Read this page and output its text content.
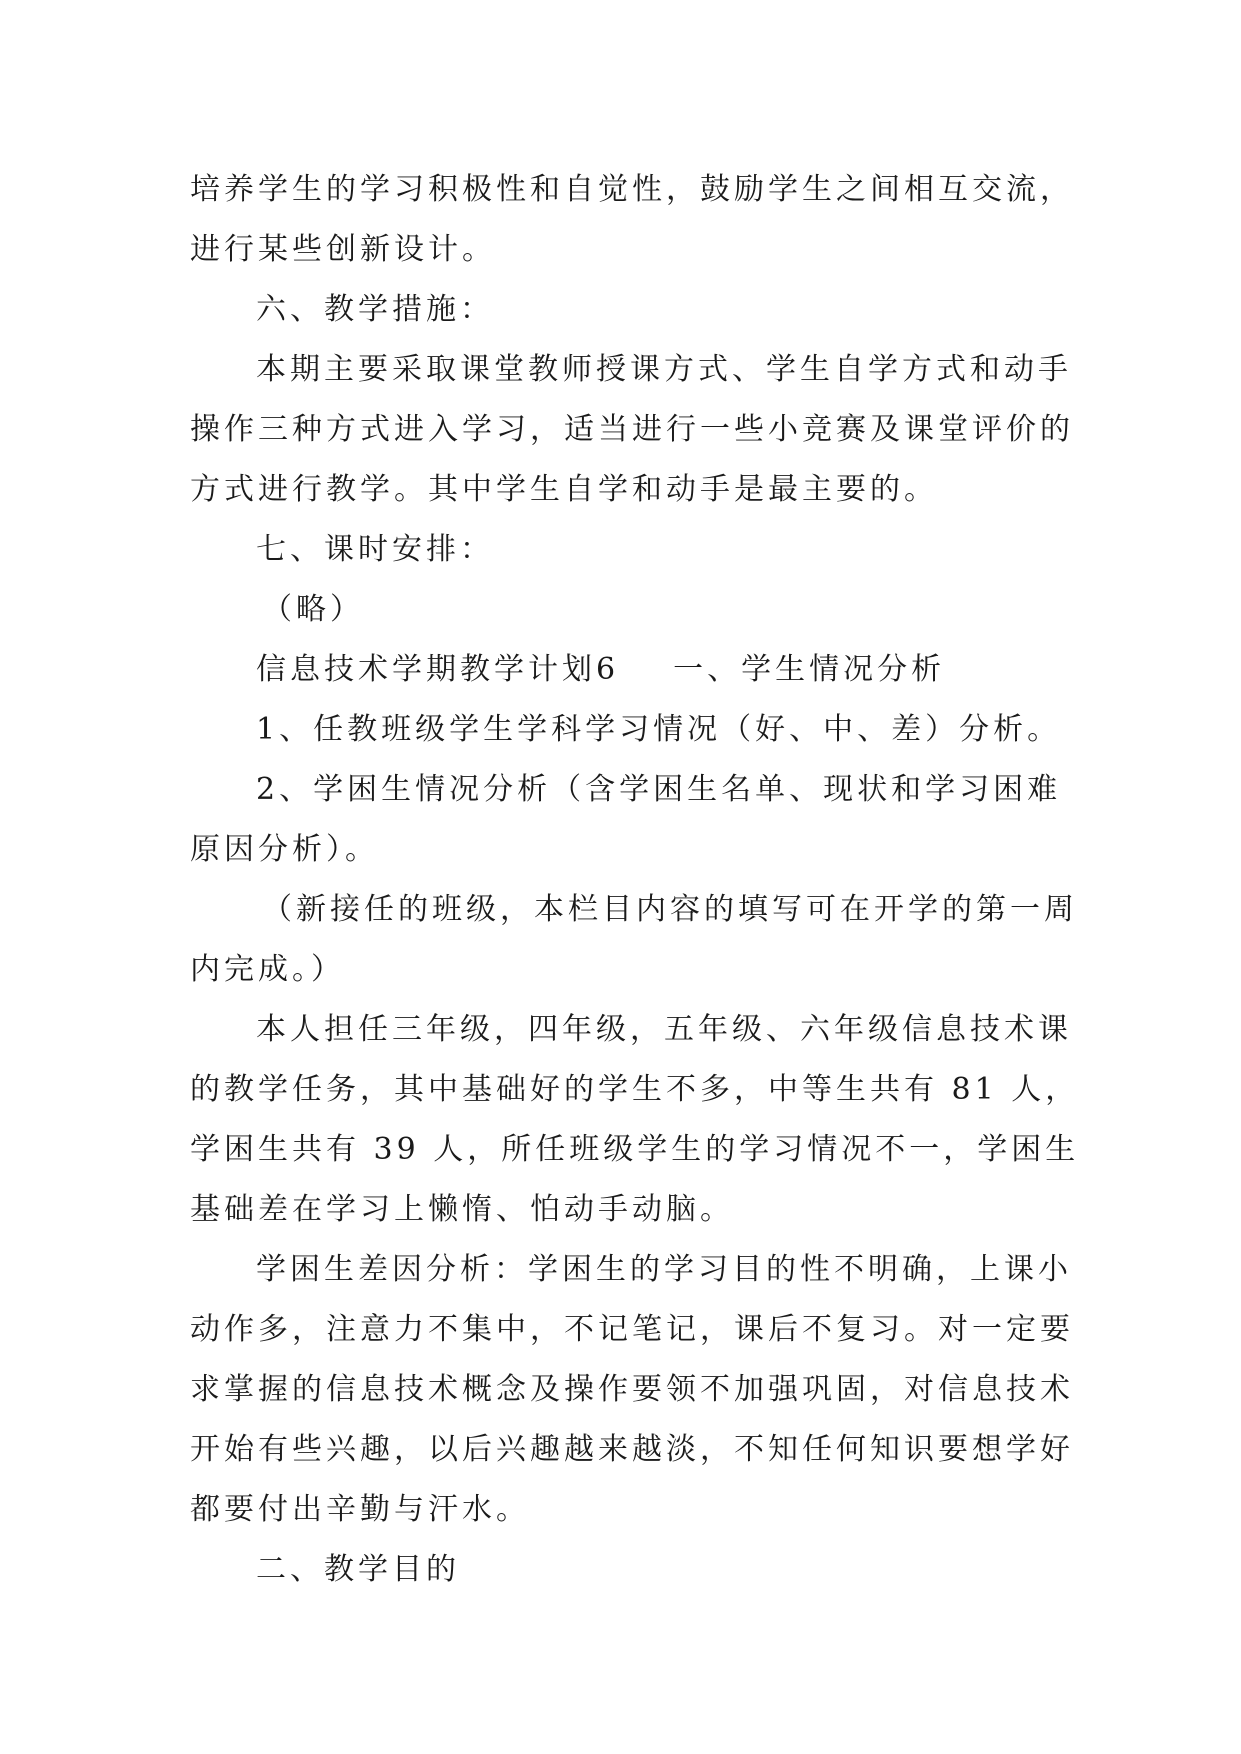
培养学生的学习积极性和自觉性，鼓励学生之间相互交流，
进行某些创新设计。
六、教学措施：
本期主要采取课堂教师授课方式、学生自学方式和动手
操作三种方式进入学习，适当进行一些小竞赛及课堂评价的
方式进行教学。其中学生自学和动手是最主要的。
七、课时安排：
（略）
信息技术学期教学计划6 一、学生情况分析
1、任教班级学生学科学习情况（好、中、差）分析。
2、学困生情况分析（含学困生名单、现状和学习困难
原因分析）。
（新接任的班级，本栏目内容的填写可在开学的第一周
内完成。）
本人担任三年级，四年级，五年级、六年级信息技术课
的教学任务，其中基础好的学生不多，中等生共有 81 人，
学困生共有 39 人，所任班级学生的学习情况不一，学困生
基础差在学习上懒惰、怕动手动脑。
学困生差因分析：学困生的学习目的性不明确，上课小
动作多，注意力不集中，不记笔记，课后不复习。对一定要
求掌握的信息技术概念及操作要领不加强巩固，对信息技术
开始有些兴趣，以后兴趣越来越淡，不知任何知识要想学好
都要付出辛勤与汗水。
二、教学目的
